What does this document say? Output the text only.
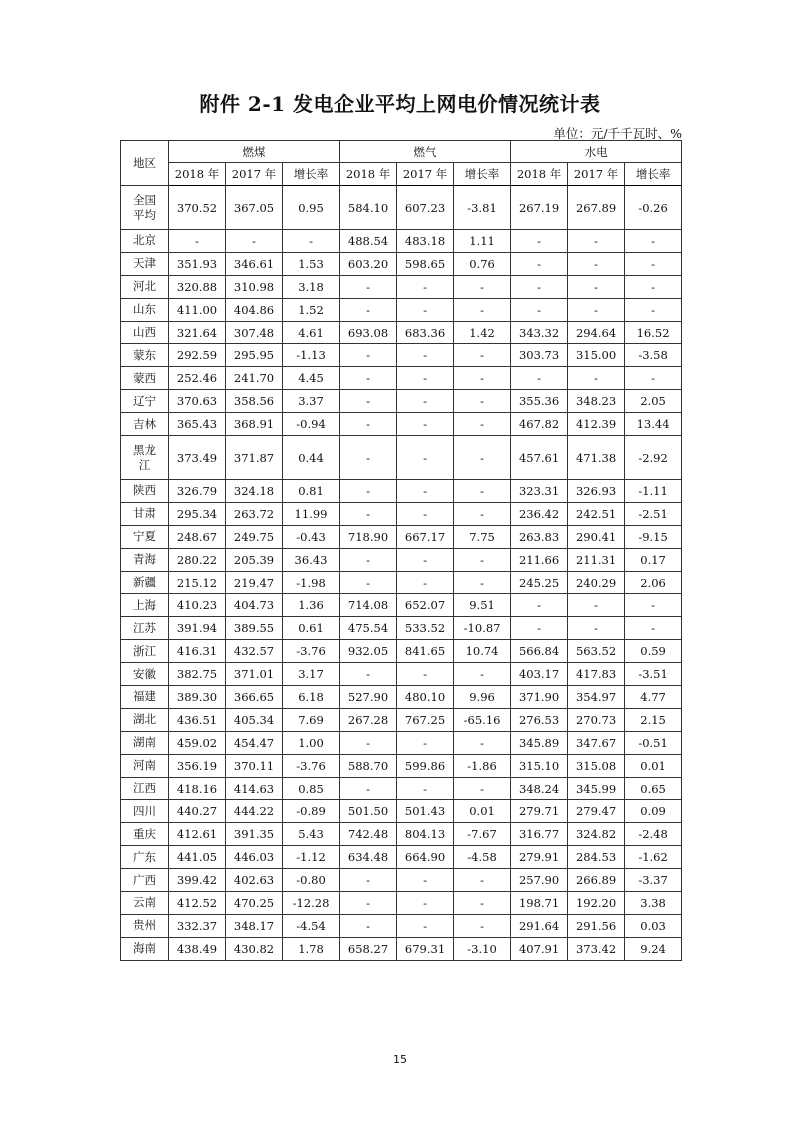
附件 2-1 发电企业平均上网电价情况统计表
单位：元/千千瓦时、%
地区	燃煤			燃气			水电		
	2018 年	2017 年	增长率	2018 年	2017 年	增长率	2018 年	2017 年	增长率
全国
平均	370.52	367.05	0.95	584.10	607.23	-3.81	267.19	267.89	-0.26
北京	-	-	-	488.54	483.18	1.11	-	-	-
天津	351.93	346.61	1.53	603.20	598.65	0.76	-	-	-
河北	320.88	310.98	3.18	-	-	-	-	-	-
山东	411.00	404.86	1.52	-	-	-	-	-	-
山西	321.64	307.48	4.61	693.08	683.36	1.42	343.32	294.64	16.52
蒙东	292.59	295.95	-1.13	-	-	-	303.73	315.00	-3.58
蒙西	252.46	241.70	4.45	-	-	-	-	-	-
辽宁	370.63	358.56	3.37	-	-	-	355.36	348.23	2.05
吉林	365.43	368.91	-0.94	-	-	-	467.82	412.39	13.44
黑龙
江	373.49	371.87	0.44	-	-	-	457.61	471.38	-2.92
陕西	326.79	324.18	0.81	-	-	-	323.31	326.93	-1.11
甘肃	295.34	263.72	11.99	-	-	-	236.42	242.51	-2.51
宁夏	248.67	249.75	-0.43	718.90	667.17	7.75	263.83	290.41	-9.15
青海	280.22	205.39	36.43	-	-	-	211.66	211.31	0.17
新疆	215.12	219.47	-1.98	-	-	-	245.25	240.29	2.06
上海	410.23	404.73	1.36	714.08	652.07	9.51	-	-	-
江苏	391.94	389.55	0.61	475.54	533.52	-10.87	-	-	-
浙江	416.31	432.57	-3.76	932.05	841.65	10.74	566.84	563.52	0.59
安徽	382.75	371.01	3.17	-	-	-	403.17	417.83	-3.51
福建	389.30	366.65	6.18	527.90	480.10	9.96	371.90	354.97	4.77
湖北	436.51	405.34	7.69	267.28	767.25	-65.16	276.53	270.73	2.15
湖南	459.02	454.47	1.00	-	-	-	345.89	347.67	-0.51
河南	356.19	370.11	-3.76	588.70	599.86	-1.86	315.10	315.08	0.01
江西	418.16	414.63	0.85	-	-	-	348.24	345.99	0.65
四川	440.27	444.22	-0.89	501.50	501.43	0.01	279.71	279.47	0.09
重庆	412.61	391.35	5.43	742.48	804.13	-7.67	316.77	324.82	-2.48
广东	441.05	446.03	-1.12	634.48	664.90	-4.58	279.91	284.53	-1.62
广西	399.42	402.63	-0.80	-	-	-	257.90	266.89	-3.37
云南	412.52	470.25	-12.28	-	-	-	198.71	192.20	3.38
贵州	332.37	348.17	-4.54	-	-	-	291.64	291.56	0.03
海南	438.49	430.82	1.78	658.27	679.31	-3.10	407.91	373.42	9.24
15
